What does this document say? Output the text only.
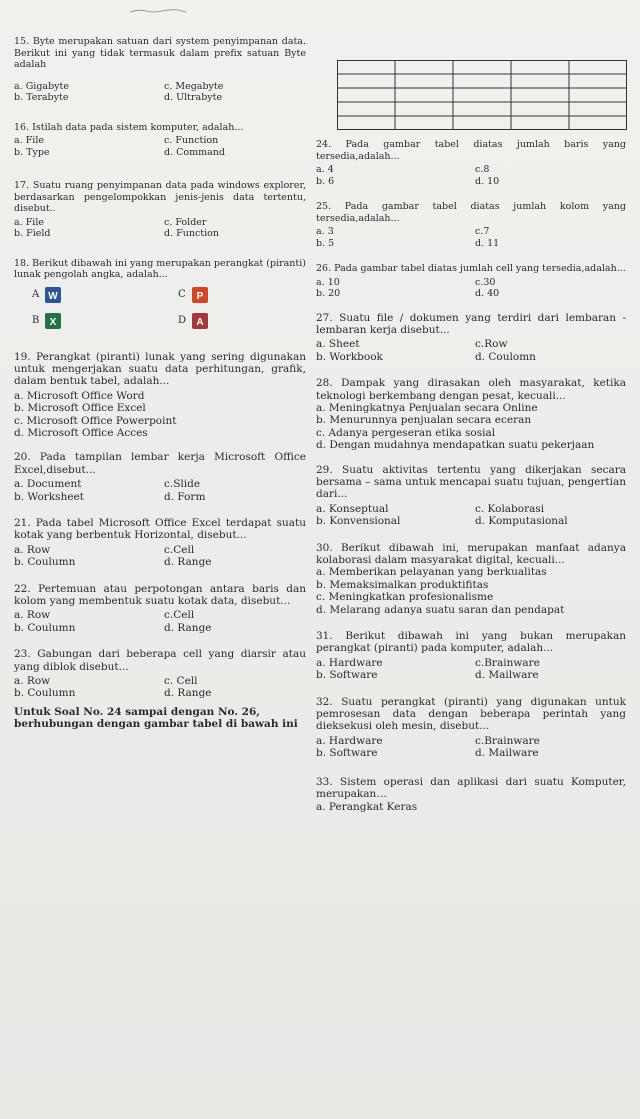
15. Byte merupakan satuan dari system penyimpanan data. Berikut ini yang tidak termasuk dalam prefix satuan Byte adalah

a. Gigabyte	c. Megabyte
b. Terabyte	d. Ultrabyte

16. Istilah data pada sistem komputer, adalah...

a. File	c. Function
b. Type	d. Command

17. Suatu ruang penyimpanan data pada windows explorer, berdasarkan pengelompokkan jenis-jenis data tertentu, disebut..

a. File	c. Folder
b. Field	d. Function

18. Berikut dibawah ini yang merupakan perangkat (piranti) lunak pengolah angka, adalah...

A W	C P
B X	D A

19. Perangkat (piranti) lunak yang sering digunakan untuk mengerjakan suatu data perhitungan, grafik, dalam bentuk tabel, adalah...

a. Microsoft Office Word
b. Microsoft Office Excel
c. Microsoft Office Powerpoint
d. Microsoft Office Acces

20. Pada tampilan lembar kerja Microsoft Office Excel,disebut...

a. Document	c.Slide
b. Worksheet	d. Form

21. Pada tabel Microsoft Office Excel terdapat suatu kotak yang berbentuk Horizontal, disebut...

a. Row	c.Cell
b. Coulumn	d. Range

22. Pertemuan atau perpotongan antara baris dan kolom yang membentuk suatu kotak data, disebut...

a. Row	c.Cell
b. Coulumn	d. Range

23. Gabungan dari beberapa cell yang diarsir atau yang diblok disebut...

a. Row	c. Cell
b. Coulumn	d. Range

Untuk Soal No. 24 sampai dengan No. 26, berhubungan dengan gambar tabel di bawah ini

24. Pada gambar tabel diatas jumlah baris yang tersedia,adalah...

a. 4	c.8
b. 6	d. 10

25. Pada gambar tabel diatas jumlah kolom yang tersedia,adalah...

a. 3	c.7
b. 5	d. 11

26. Pada gambar tabel diatas jumlah cell yang tersedia,adalah...

a. 10	c.30
b. 20	d. 40

27. Suatu file / dokumen yang terdiri dari lembaran - lembaran kerja disebut...

a. Sheet	c.Row
b. Workbook	d. Coulomn

28. Dampak yang dirasakan oleh masyarakat, ketika teknologi berkembang dengan pesat, kecuali...

a. Meningkatnya Penjualan secara Online
b. Menurunnya penjualan secara eceran
c. Adanya pergeseran etika sosial
d. Dengan mudahnya mendapatkan suatu pekerjaan

29. Suatu aktivitas tertentu yang dikerjakan secara bersama – sama untuk mencapai suatu tujuan, pengertian dari...

a. Konseptual	c. Kolaborasi
b. Konvensional	d. Komputasional

30. Berikut dibawah ini, merupakan manfaat adanya kolaborasi dalam masyarakat digital, kecuali...

a. Memberikan pelayanan yang berkualitas
b. Memaksimalkan produktifitas
c. Meningkatkan profesionalisme
d. Melarang adanya suatu saran dan pendapat

31. Berikut dibawah ini yang bukan merupakan perangkat (piranti) pada komputer, adalah...

a. Hardware	c.Brainware
b. Software	d. Mailware

32. Suatu perangkat (piranti) yang digunakan untuk pemrosesan data dengan beberapa perintah yang dieksekusi oleh mesin, disebut...

a. Hardware	c.Brainware
b. Software	d. Mailware

33. Sistem operasi dan aplikasi dari suatu Komputer, merupakan…

a. Perangkat Keras
